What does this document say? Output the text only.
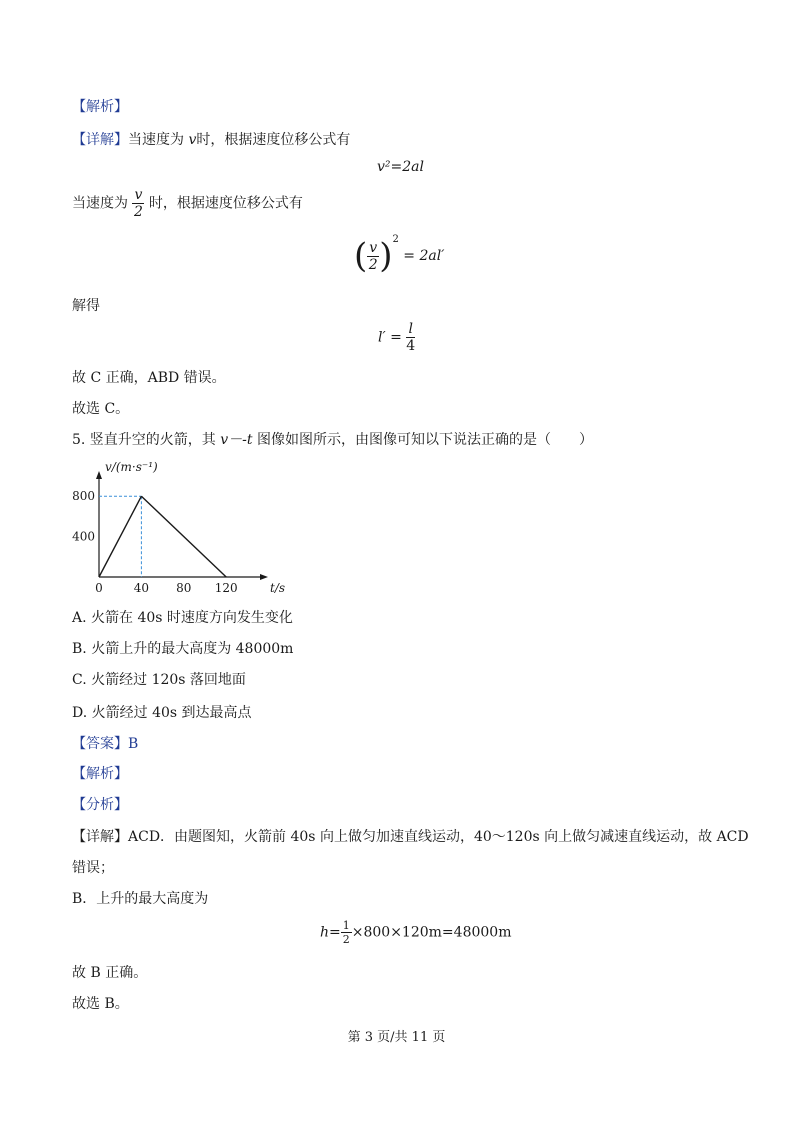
【解析】
【详解】当速度为 v时，根据速度位移公式有
v²=2al
当速度为 $\frac{v}{2}$ 时，根据速度位移公式有
( $\frac{v}{2} )^2 = 2al'$
解得
$l' = \frac{l}{4}$
故 C 正确，ABD 错误。
故选 C。
5. 竖直升空的火箭，其 v－-t 图像如图所示，由图像可知以下说法正确的是（　　）
0	40 80 120
400
800
v/(m·s⁻¹)
t/s
A. 火箭在 40s 时速度方向发生变化
B. 火箭上升的最大高度为 48000m
C. 火箭经过 120s 落回地面
D. 火箭经过 40s 到达最高点
【答案】B
【解析】
【分析】
【详解】ACD．由题图知，火箭前 40s 向上做匀加速直线运动，40～120s 向上做匀减速直线运动，故 ACD
错误；
B．上升的最大高度为
$h= \frac{1}{2} \times 800\times 120m=48000m$
故 B 正确。
故选 B。
第 3 页/共 11 页
